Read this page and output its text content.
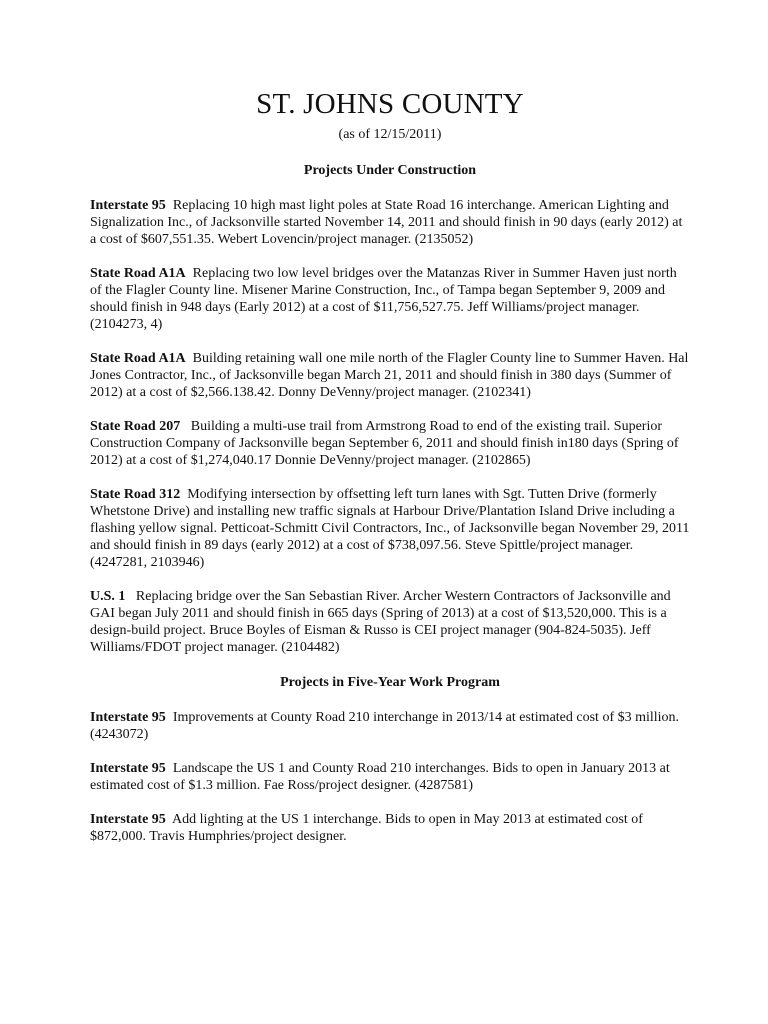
ST. JOHNS COUNTY

(as of 12/15/2011)

Projects Under Construction

Interstate 95 Replacing 10 high mast light poles at State Road 16 interchange. American Lighting and Signalization Inc., of Jacksonville started November 14, 2011 and should finish in 90 days (early 2012) at a cost of $607,551.35. Webert Lovencin/project manager. (2135052)

State Road A1A Replacing two low level bridges over the Matanzas River in Summer Haven just north of the Flagler County line. Misener Marine Construction, Inc., of Tampa began September 9, 2009 and should finish in 948 days (Early 2012) at a cost of $11,756,527.75. Jeff Williams/project manager. (2104273, 4)

State Road A1A Building retaining wall one mile north of the Flagler County line to Summer Haven. Hal Jones Contractor, Inc., of Jacksonville began March 21, 2011 and should finish in 380 days (Summer of 2012) at a cost of $2,566.138.42. Donny DeVenny/project manager. (2102341)

State Road 207 Building a multi-use trail from Armstrong Road to end of the existing trail. Superior Construction Company of Jacksonville began September 6, 2011 and should finish in180 days (Spring of 2012) at a cost of $1,274,040.17 Donnie DeVenny/project manager. (2102865)

State Road 312 Modifying intersection by offsetting left turn lanes with Sgt. Tutten Drive (formerly Whetstone Drive) and installing new traffic signals at Harbour Drive/Plantation Island Drive including a flashing yellow signal. Petticoat-Schmitt Civil Contractors, Inc., of Jacksonville began November 29, 2011 and should finish in 89 days (early 2012) at a cost of $738,097.56. Steve Spittle/project manager. (4247281, 2103946)

U.S. 1 Replacing bridge over the San Sebastian River. Archer Western Contractors of Jacksonville and GAI began July 2011 and should finish in 665 days (Spring of 2013) at a cost of $13,520,000. This is a design-build project. Bruce Boyles of Eisman & Russo is CEI project manager (904-824-5035). Jeff Williams/FDOT project manager. (2104482)

Projects in Five-Year Work Program

Interstate 95 Improvements at County Road 210 interchange in 2013/14 at estimated cost of $3 million. (4243072)

Interstate 95 Landscape the US 1 and County Road 210 interchanges. Bids to open in January 2013 at estimated cost of $1.3 million. Fae Ross/project designer. (4287581)

Interstate 95 Add lighting at the US 1 interchange. Bids to open in May 2013 at estimated cost of $872,000. Travis Humphries/project designer.
